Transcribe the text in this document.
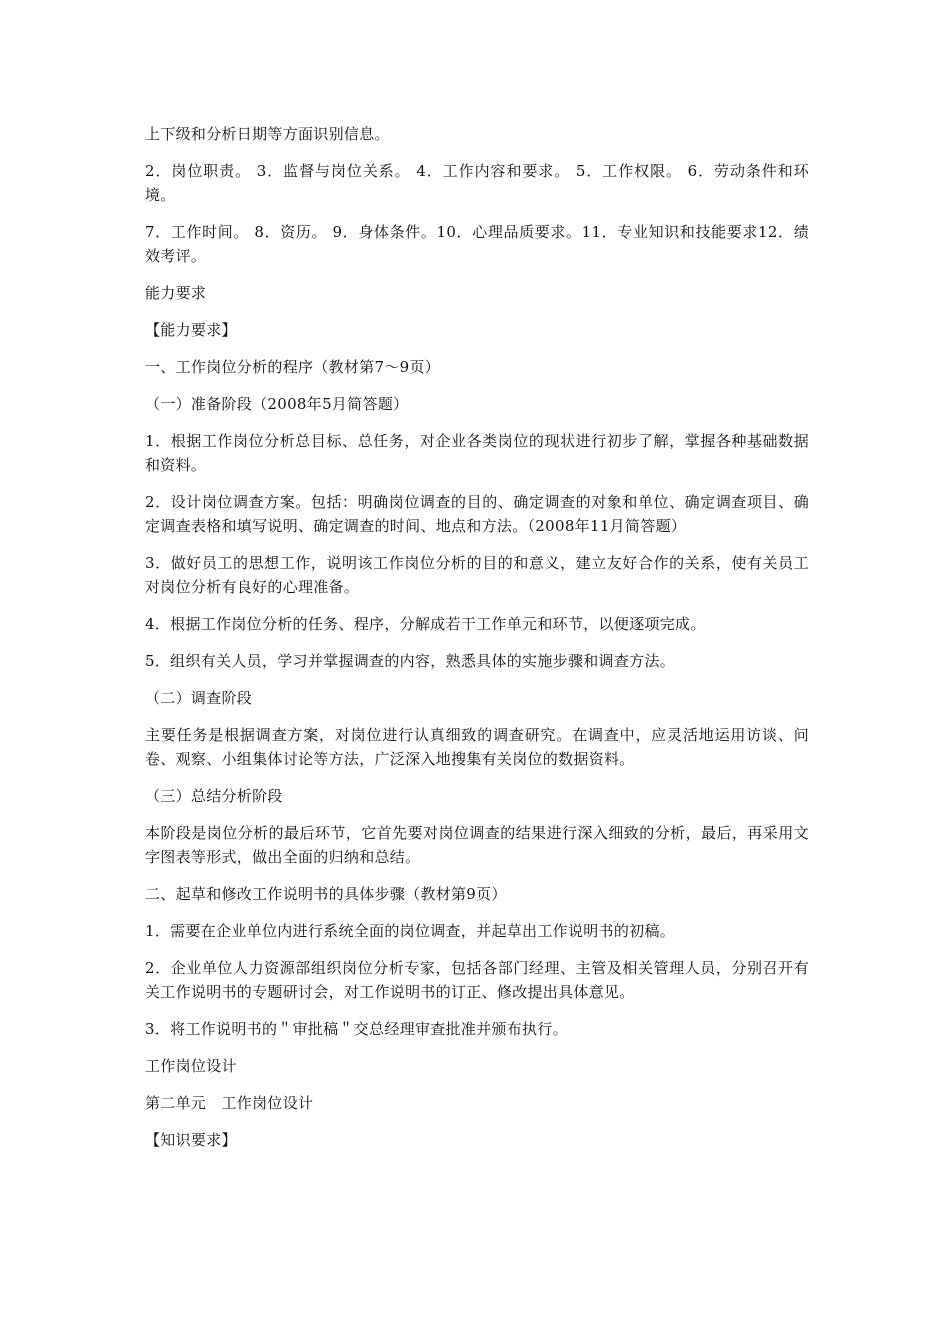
上下级和分析日期等方面识别信息。

2．岗位职责。 3．监督与岗位关系。 4．工作内容和要求。 5．工作权限。 6．劳动条件和环境。

7．工作时间。 8．资历。 9．身体条件。10．心理品质要求。11．专业知识和技能要求12．绩效考评。

能力要求

【能力要求】

一、工作岗位分析的程序（教材第7～9页）

（一）准备阶段（2008年5月简答题）

1．根据工作岗位分析总目标、总任务，对企业各类岗位的现状进行初步了解，掌握各种基础数据和资料。

2．设计岗位调查方案。包括：明确岗位调查的目的、确定调查的对象和单位、确定调查项目、确定调查表格和填写说明、确定调查的时间、地点和方法。（2008年11月简答题）

3．做好员工的思想工作，说明该工作岗位分析的目的和意义，建立友好合作的关系，使有关员工对岗位分析有良好的心理准备。

4．根据工作岗位分析的任务、程序，分解成若干工作单元和环节，以便逐项完成。

5．组织有关人员，学习并掌握调查的内容，熟悉具体的实施步骤和调查方法。

（二）调查阶段

主要任务是根据调查方案，对岗位进行认真细致的调查研究。在调查中，应灵活地运用访谈、问卷、观察、小组集体讨论等方法，广泛深入地搜集有关岗位的数据资料。

（三）总结分析阶段

本阶段是岗位分析的最后环节，它首先要对岗位调查的结果进行深入细致的分析，最后，再采用文字图表等形式，做出全面的归纳和总结。

二、起草和修改工作说明书的具体步骤（教材第9页）

1．需要在企业单位内进行系统全面的岗位调查，并起草出工作说明书的初稿。

2．企业单位人力资源部组织岗位分析专家，包括各部门经理、主管及相关管理人员，分别召开有关工作说明书的专题研讨会，对工作说明书的订正、修改提出具体意见。

3．将工作说明书的＂审批稿＂交总经理审查批准并颁布执行。

工作岗位设计

第二单元　工作岗位设计

【知识要求】
